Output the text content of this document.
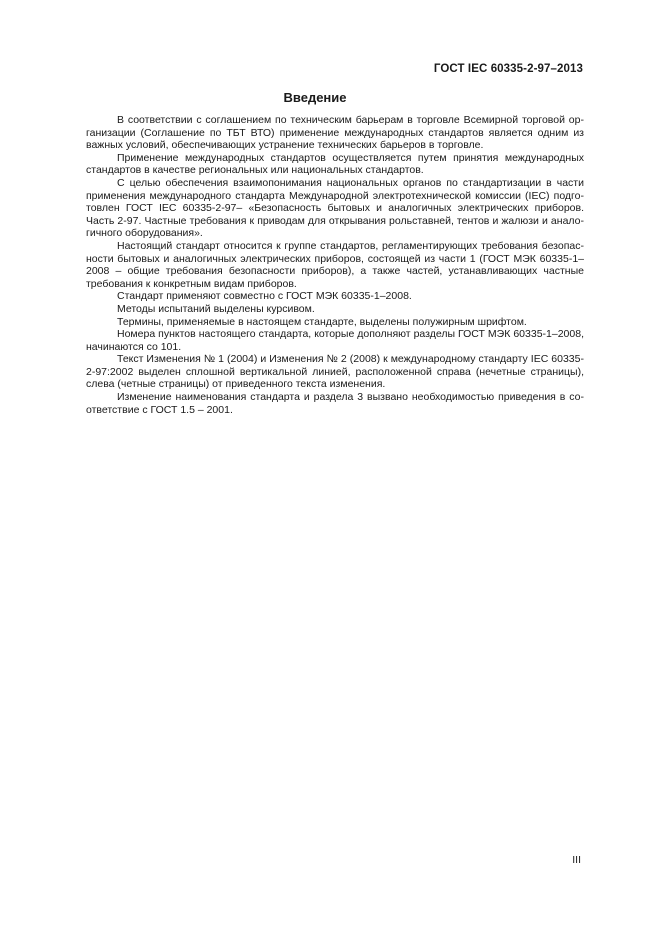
ГОСТ IEC 60335-2-97–2013
Введение

В соответствии с соглашением по техническим барьерам в торговле Всемирной торговой организации (Соглашение по ТБТ ВТО) применение международных стандартов является одним из важных условий, обеспечивающих устранение технических барьеров в торговле.

Применение международных стандартов осуществляется путем принятия международных стандартов в качестве региональных или национальных стандартов.

С целью обеспечения взаимопонимания национальных органов по стандартизации в части применения международного стандарта Международной электротехнической комиссии (IEC) подготовлен ГОСТ IEC 60335-2-97– «Безопасность бытовых и аналогичных электрических приборов. Часть 2-97. Частные требования к приводам для открывания рольставней, тентов и жалюзи и аналогичного оборудования».

Настоящий стандарт относится к группе стандартов, регламентирующих требования безопасности бытовых и аналогичных электрических приборов, состоящей из части 1 (ГОСТ МЭК 60335-1–2008 – общие требования безопасности приборов), а также частей, устанавливающих частные требования к конкретным видам приборов.

Стандарт применяют совместно с ГОСТ МЭК 60335-1–2008.

Методы испытаний выделены курсивом.

Термины, применяемые в настоящем стандарте, выделены полужирным шрифтом.

Номера пунктов настоящего стандарта, которые дополняют разделы ГОСТ МЭК 60335-1–2008, начинаются со 101.

Текст Изменения № 1 (2004) и Изменения № 2 (2008) к международному стандарту IEC 60335-2-97:2002 выделен сплошной вертикальной линией, расположенной справа (нечетные страницы), слева (четные страницы) от приведенного текста изменения.

Изменение наименования стандарта и раздела 3 вызвано необходимостью приведения в соответствие с ГОСТ 1.5 – 2001.

III
